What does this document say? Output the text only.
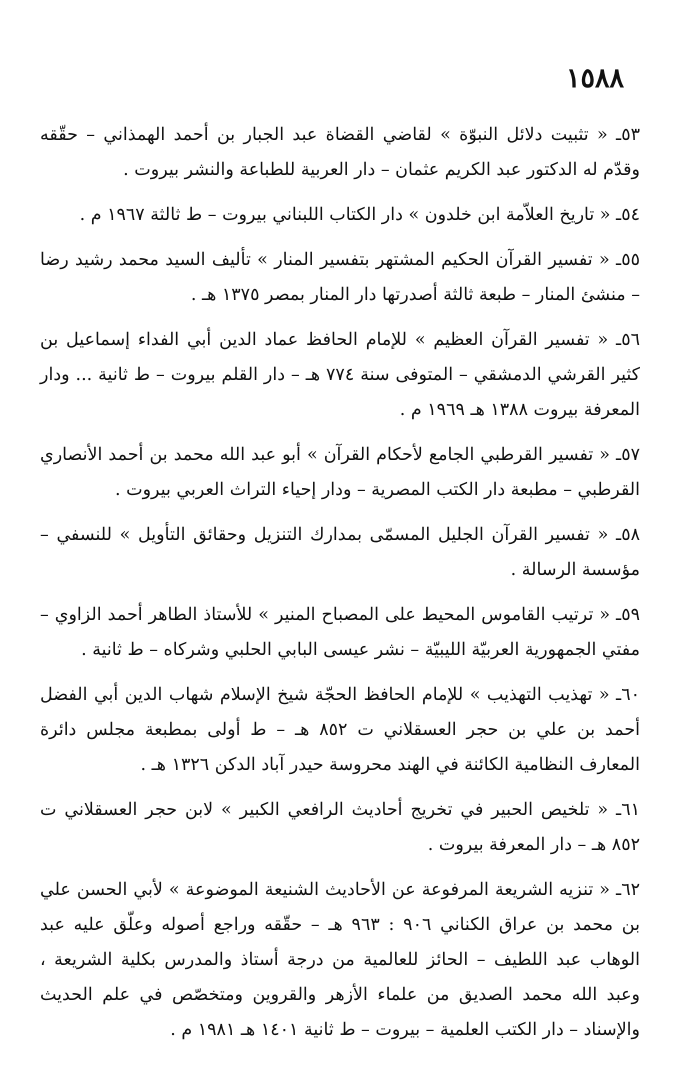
١٥٨٨

٥٣ـ « تثبيت دلائل النبوّة » لقاضي القضاة عبد الجبار بن أحمد الهمذاني – حقّقه وقدّم له الدكتور عبد الكريم عثمان – دار العربية للطباعة والنشر بيروت .

٥٤ـ « تاريخ العلاّمة ابن خلدون » دار الكتاب اللبناني بيروت – ط ثالثة ١٩٦٧ م .

٥٥ـ « تفسير القرآن الحكيم المشتهر بتفسير المنار » تأليف السيد محمد رشيد رضا – منشئ المنار – طبعة ثالثة أصدرتها دار المنار بمصر ١٣٧٥ هـ .

٥٦ـ « تفسير القرآن العظيم » للإمام الحافظ عماد الدين أبي الفداء إسماعيل بن كثير القرشي الدمشقي – المتوفى سنة ٧٧٤ هـ – دار القلم بيروت – ط ثانية ... ودار المعرفة بيروت ١٣٨٨ هـ ١٩٦٩ م .

٥٧ـ « تفسير القرطبي الجامع لأحكام القرآن » أبو عبد الله محمد بن أحمد الأنصاري القرطبي – مطبعة دار الكتب المصرية – ودار إحياء التراث العربي بيروت .

٥٨ـ « تفسير القرآن الجليل المسمّى بمدارك التنزيل وحقائق التأويل » للنسفي – مؤسسة الرسالة .

٥٩ـ « ترتيب القاموس المحيط على المصباح المنير » للأستاذ الطاهر أحمد الزاوي – مفتي الجمهورية العربيّة الليبيّة – نشر عيسى البابي الحلبي وشركاه – ط ثانية .

٦٠ـ « تهذيب التهذيب » للإمام الحافظ الحجّة شيخ الإسلام شهاب الدين أبي الفضل أحمد بن علي بن حجر العسقلاني ت ٨٥٢ هـ – ط أولى بمطبعة مجلس دائرة المعارف النظامية الكائنة في الهند محروسة حيدر آباد الدكن ١٣٢٦ هـ .

٦١ـ « تلخيص الحبير في تخريج أحاديث الرافعي الكبير » لابن حجر العسقلاني ت ٨٥٢ هـ – دار المعرفة بيروت .

٦٢ـ « تنزيه الشريعة المرفوعة عن الأحاديث الشنيعة الموضوعة » لأبي الحسن علي بن محمد بن عراق الكناني ٩٠٦ : ٩٦٣ هـ – حقّقه وراجع أصوله وعلّق عليه عبد الوهاب عبد اللطيف – الحائز للعالمية من درجة أستاذ والمدرس بكلية الشريعة ، وعبد الله محمد الصديق من علماء الأزهر والقروين ومتخصّص في علم الحديث والإسناد – دار الكتب العلمية – بيروت – ط ثانية ١٤٠١ هـ ١٩٨١ م .
